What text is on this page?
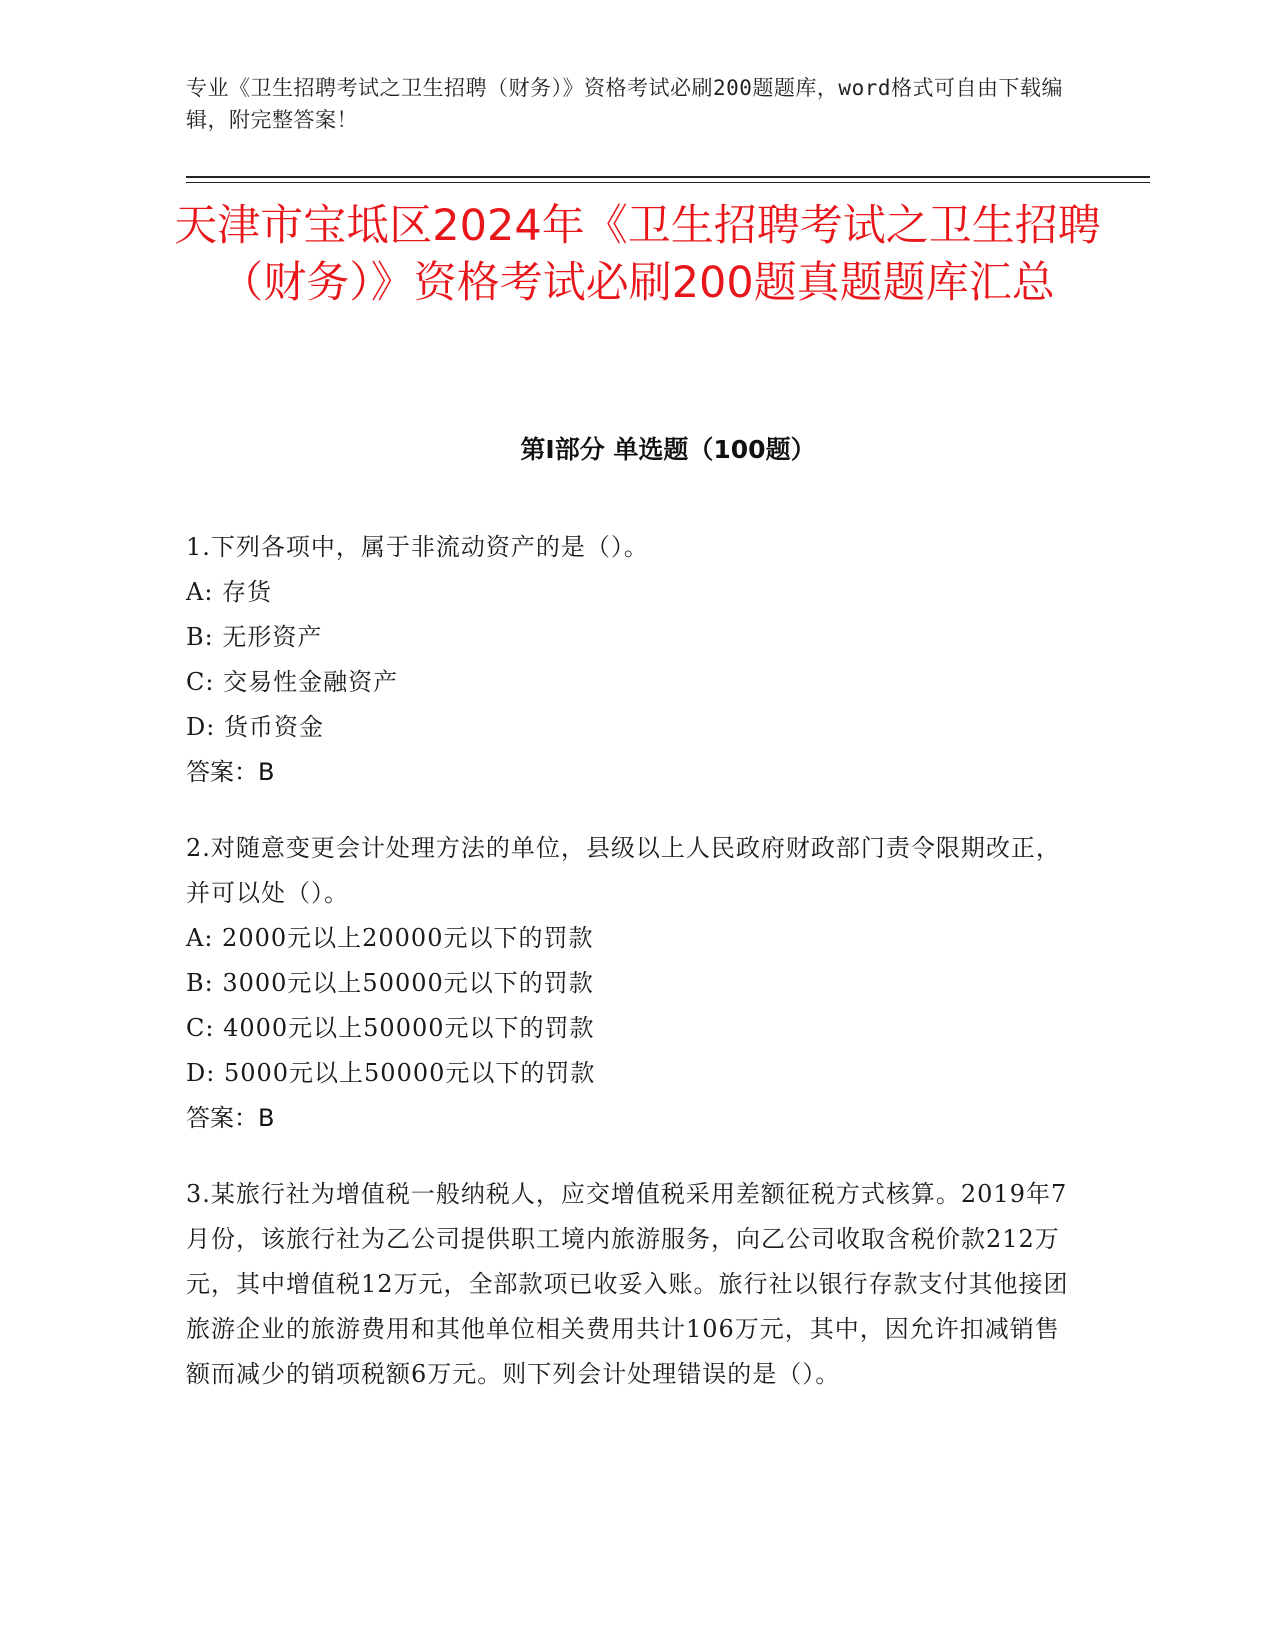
专业《卫生招聘考试之卫生招聘（财务）》资格考试必刷200题题库，word格式可自由下载编辑，附完整答案！

天津市宝坻区2024年《卫生招聘考试之卫生招聘（财务）》资格考试必刷200题真题题库汇总
第Ⅰ部分 单选题（100题）

1.下列各项中，属于非流动资产的是（）。

A: 存货

B: 无形资产

C: 交易性金融资产

D: 货币资金

答案：B

2.对随意变更会计处理方法的单位，县级以上人民政府财政部门责令限期改正，并可以处（）。

A: 2000元以上20000元以下的罚款

B: 3000元以上50000元以下的罚款

C: 4000元以上50000元以下的罚款

D: 5000元以上50000元以下的罚款

答案：B

3.某旅行社为增值税一般纳税人，应交增值税采用差额征税方式核算。2019年7月份，该旅行社为乙公司提供职工境内旅游服务，向乙公司收取含税价款212万元，其中增值税12万元，全部款项已收妥入账。旅行社以银行存款支付其他接团旅游企业的旅游费用和其他单位相关费用共计106万元，其中，因允许扣减销售额而减少的销项税额6万元。则下列会计处理错误的是（）。
